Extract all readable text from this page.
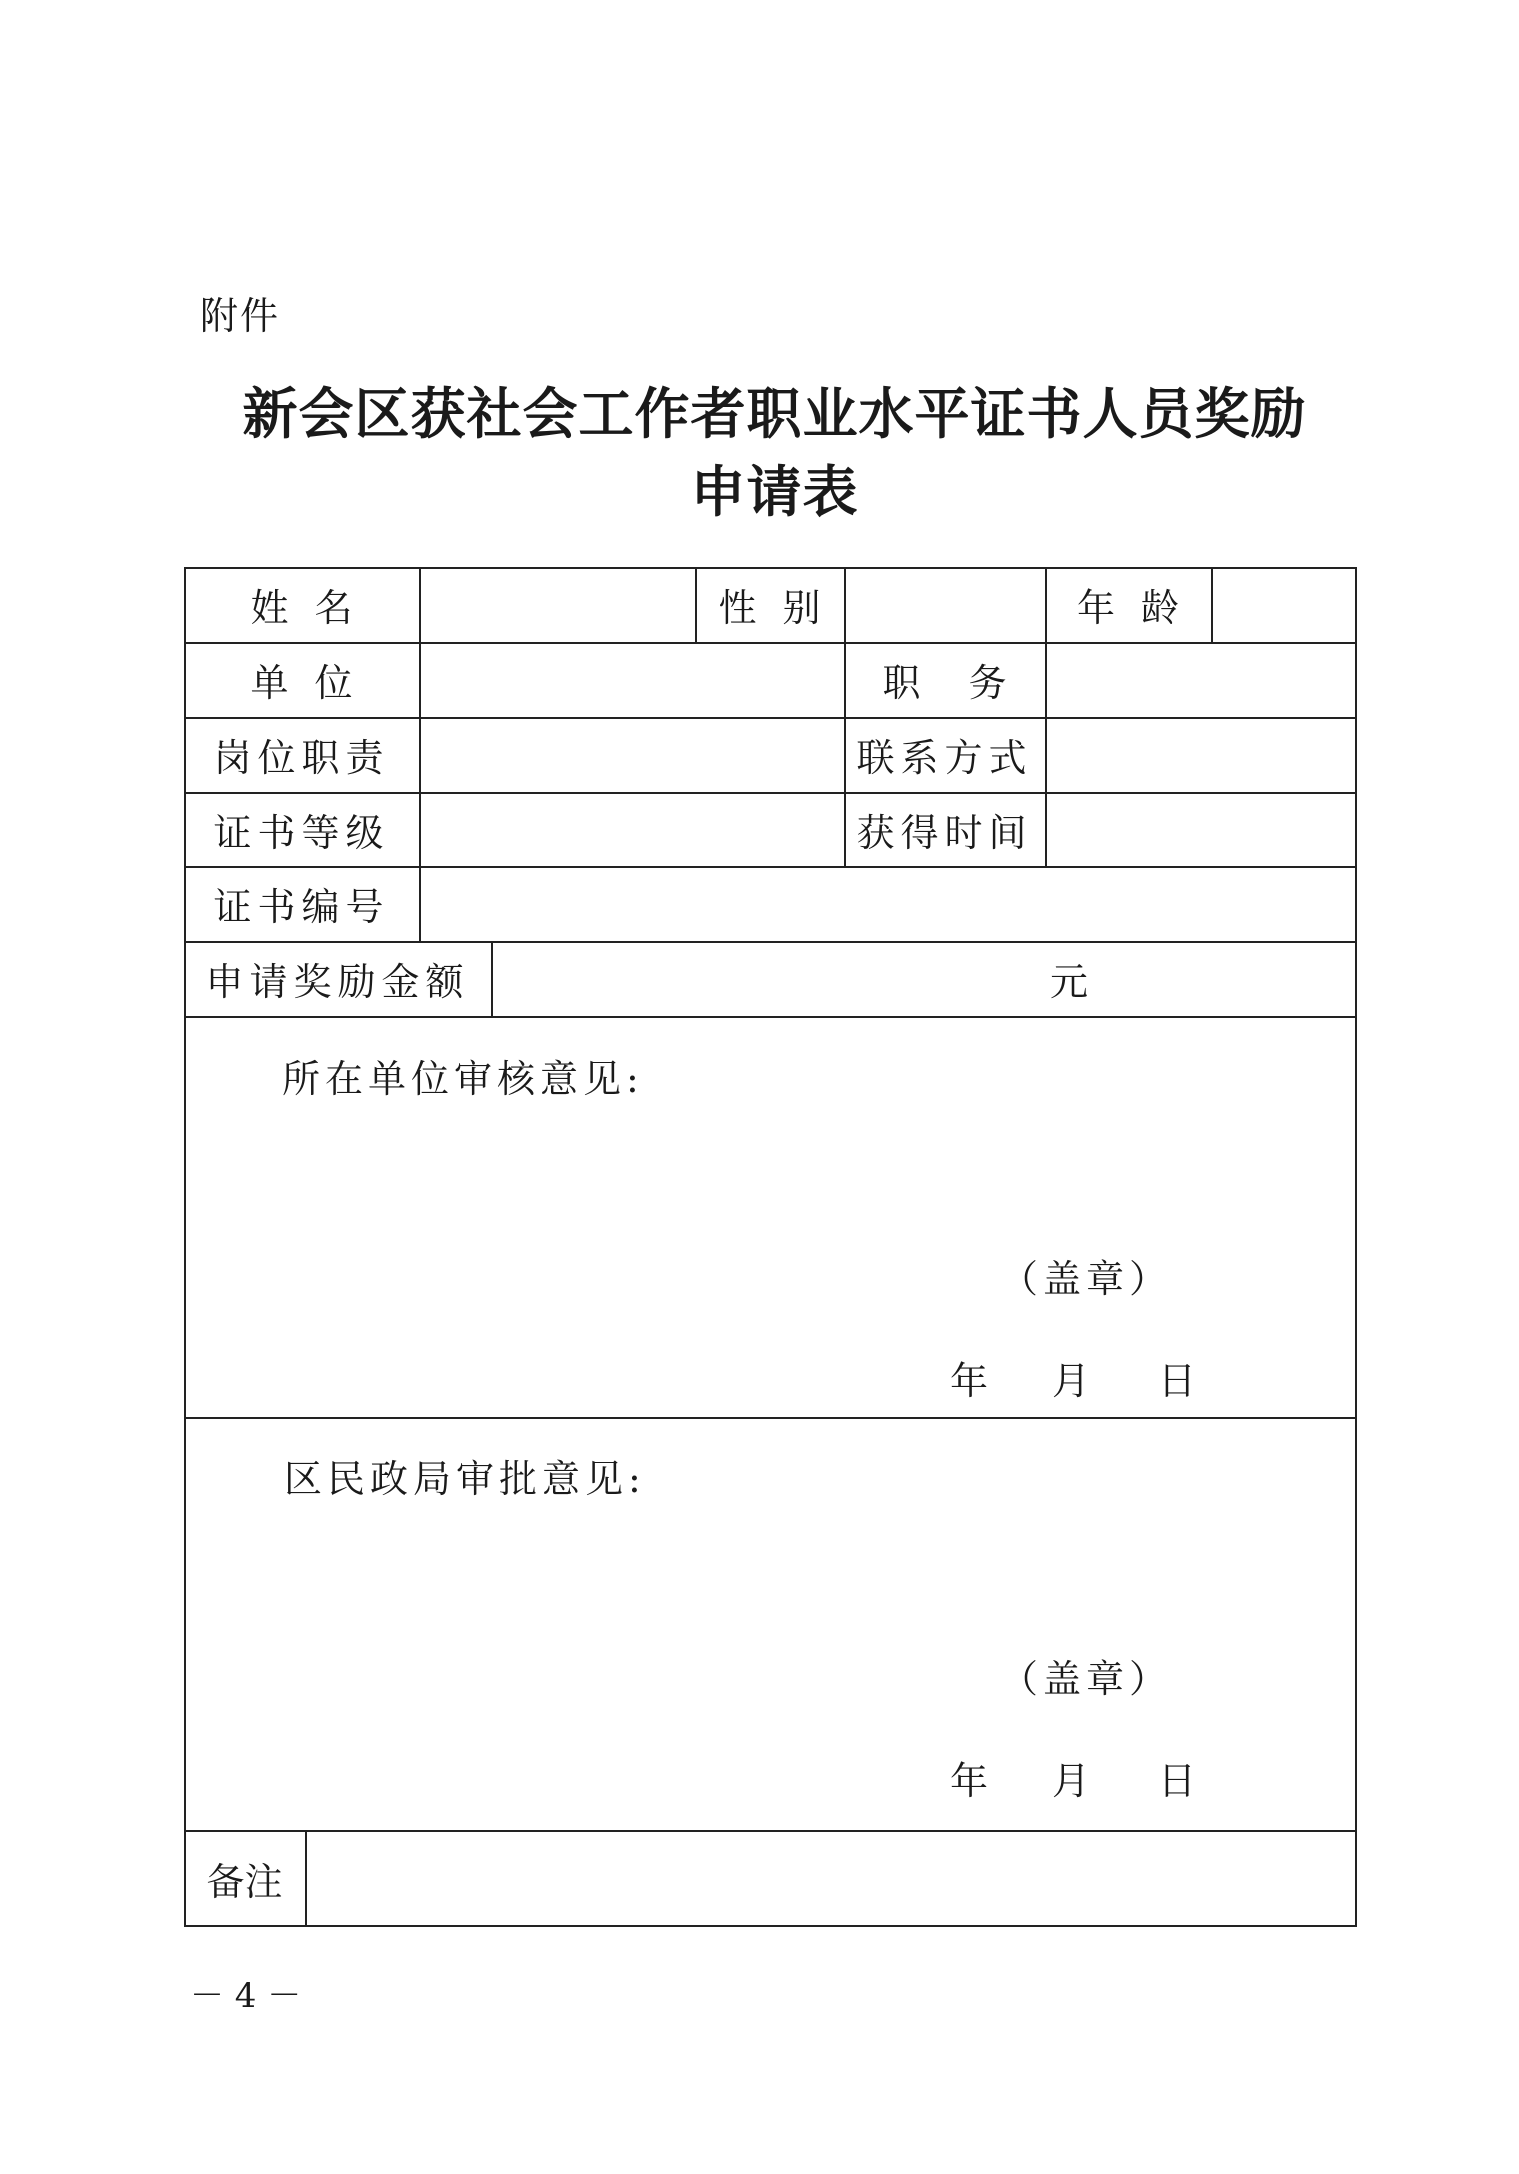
附件
新会区获社会工作者职业水平证书人员奖励
申请表
姓名	性别	年龄
单位	职务
岗位职责	联系方式
证书等级	获得时间
证书编号
申请奖励金额	元
所在单位审核意见:
（盖章）
年 月 日
区民政局审批意见:
（盖章）
年 月 日
备注
－ 4 －
